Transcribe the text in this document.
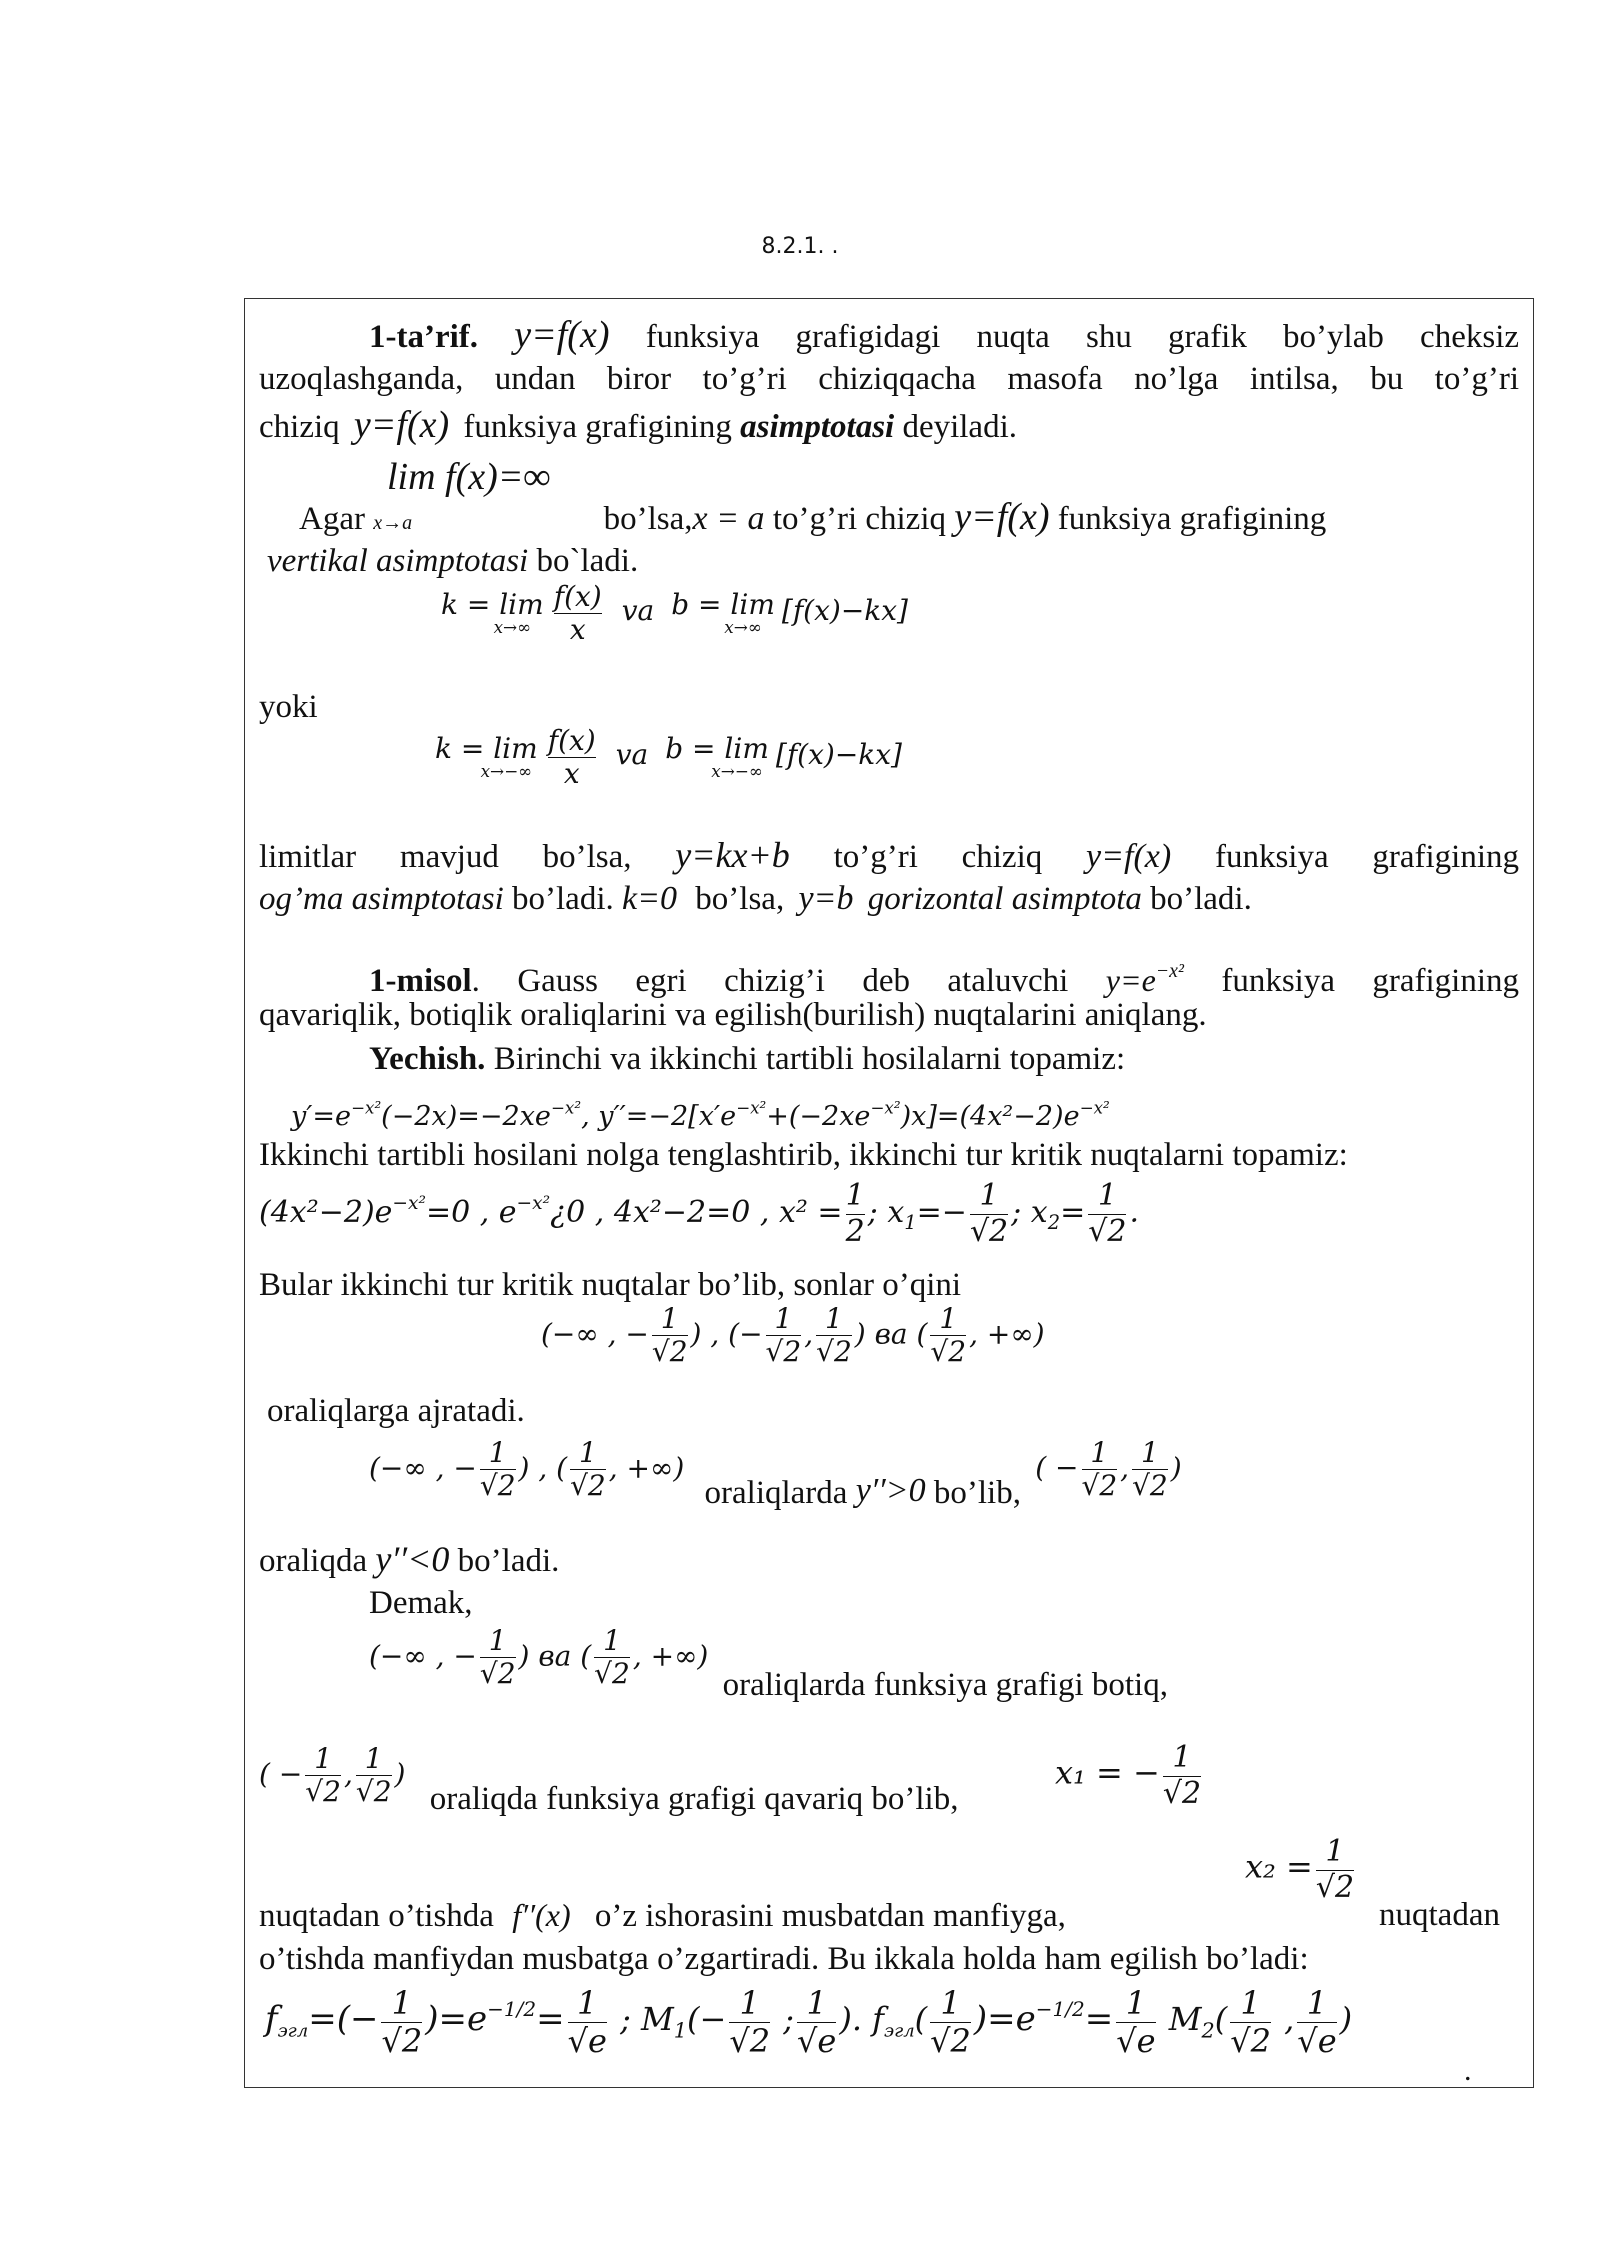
8.2.1. .
1-ta’rif. y=f(x) funksiya grafigidagi nuqta shu grafik bo’ylab cheksiz
uzoqlashganda, undan biror to’g’ri chiziqqacha masofa no’lga intilsa, bu to’g’ri
chiziq y=f(x) funksiya grafigining asimptotasi deyiladi.
lim f(x)=∞
Agar x→a	bo’lsa,x = a to’g’ri chiziq y=f(x) funksiya grafigining
vertikal asimptotasi bo`ladi.
k = lim
x→∞
$\frac{f(x)}{x}$ va b = lim
x→∞
[f(x)−kx]
yoki
k = lim
x→−∞
$\frac{f(x)}{x}$ va b = lim
x→−∞
[f(x)−kx]
limitlar mavjud bo’lsa, y=kx+b to’g’ri chiziq y=f(x) funksiya grafigining
og’ma asimptotasi bo’ladi. k=0 bo’lsa, y=b gorizontal asimptota bo’ladi.
1-misol. Gauss egri chizig’i deb ataluvchi $y=e^{-x^2}$ funksiya grafigining
qavariqlik, botiqlik oraliqlarini va egilish(burilish) nuqtalarini aniqlang.
Yechish. Birinchi va ikkinchi tartibli hosilalarni topamiz:
$y'=e^{-x^2}(-2x)=-2xe^{-x^2}$, $y''=-2[x'e^{-x^2}+(-2xe^{-x^2})x]=(4x^2-2)e^{-x^2}$
Ikkinchi tartibli hosilani nolga tenglashtirib, ikkinchi tur kritik nuqtalarni topamiz:
$(4x^2-2)e^{-x^2}=0$ , $e^{-x^2}¿0$ , 4x²−2=0 , $x^2 = \frac{1}{2}$ ; $x_1=- \frac{1}{√2}$ ; $x_2= \frac{1}{√2}$ .
Bular ikkinchi tur kritik nuqtalar bo’lib, sonlar o’qini
(−∞ , − $\frac{1}{√2}$ ) , (− $\frac{1}{√2}$ , $\frac{1}{√2}$ ) ва ( $\frac{1}{√2}$ , +∞)
oraliqlarga ajratadi.
(−∞ , − $\frac{1}{√2}$ ) , ( $\frac{1}{√2}$ , +∞) oraliqlarda y′′>0 bo’lib, ( − $\frac{1}{√2}$ , $\frac{1}{√2}$ )
oraliqda y′′<0 bo’ladi.
Demak,
(−∞ , − $\frac{1}{√2}$ ) ва ( $\frac{1}{√2}$ , +∞) oraliqlarda funksiya grafigi botiq,
( − $\frac{1}{√2}$ , $\frac{1}{√2}$ ) oraliqda funksiya grafigi qavariq bo’lib,
x₁ = − $\frac{1}{√2}$
$x_2 = \frac{1}{√2}$
nuqtadan o’tishda f′′(x) o’z ishorasini musbatdan manfiyga,	nuqtadan
o’tishda manfiydan musbatga o’zgartiradi. Bu ikkala holda ham egilish bo’ladi:
$f_{эгл}=(- \frac{1}{√2} )=e^{-1/2}= \frac{1}{√e}$ ; $M_1(- \frac{1}{√2}$ ; $\frac{1}{√e}$ ). $f_{эгл}( \frac{1}{√2} )=e^{-1/2}= \frac{1}{√e} M_2( \frac{1}{√2}$ , $\frac{1}{√e}$ )
.
